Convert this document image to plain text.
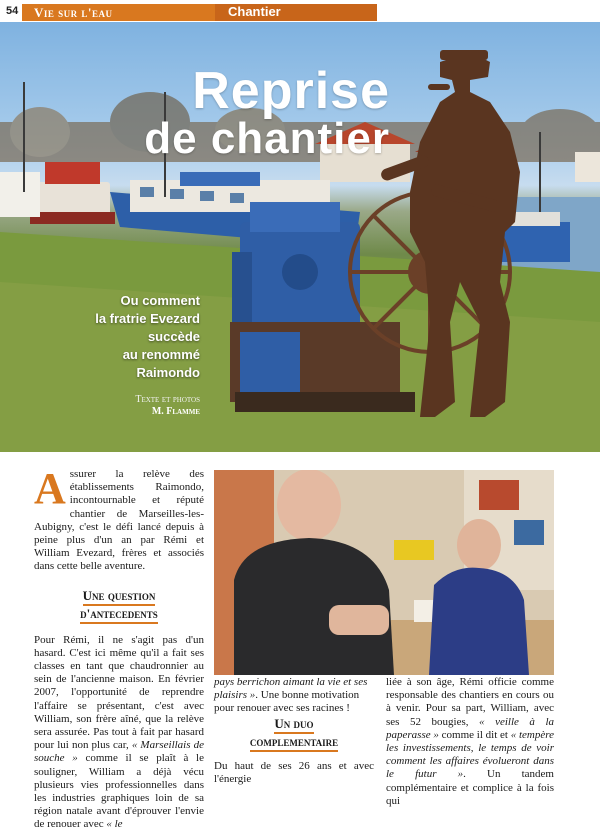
54 Vie sur l'eau	Chantier
Reprise
de chantier
Ou comment
la fratrie Evezard
succède
au renommé
Raimondo
Texte et photos
M. Flamme

Assurer la relève des établissements Raimondo, incontournable et réputé chantier de Marseilles-les-Aubigny, c'est le défi lancé depuis à peine plus d'un an par Rémi et William Evezard, frères et associés dans cette belle aventure.

Une question
d'antecedents

Pour Rémi, il ne s'agit pas d'un hasard. C'est ici même qu'il a fait ses classes en tant que chaudronnier au sein de l'ancienne maison. En février 2007, l'opportunité de reprendre l'affaire se présentant, c'est avec William, son frère aîné, que la relève sera assurée. Pas tout à fait par hasard pour lui non plus car, « Marseillais de souche » comme il se plaît à le souligner, William a déjà vécu plusieurs vies professionnelles dans les industries graphiques loin de sa région natale avant d'éprouver l'envie de renouer avec « le

pays berrichon aimant la vie et ses plaisirs ». Une bonne motivation pour renouer avec ses racines !
Un duo
complementaire

Du haut de ses 26 ans et avec l'énergie

liée à son âge, Rémi officie comme responsable des chantiers en cours ou à venir. Pour sa part, William, avec ses 52 bougies, « veille à la paperasse » comme il dit et « tempère les investissements, le temps de voir comment les affaires évolueront dans le futur ». Un tandem complémentaire et complice à la fois qui
